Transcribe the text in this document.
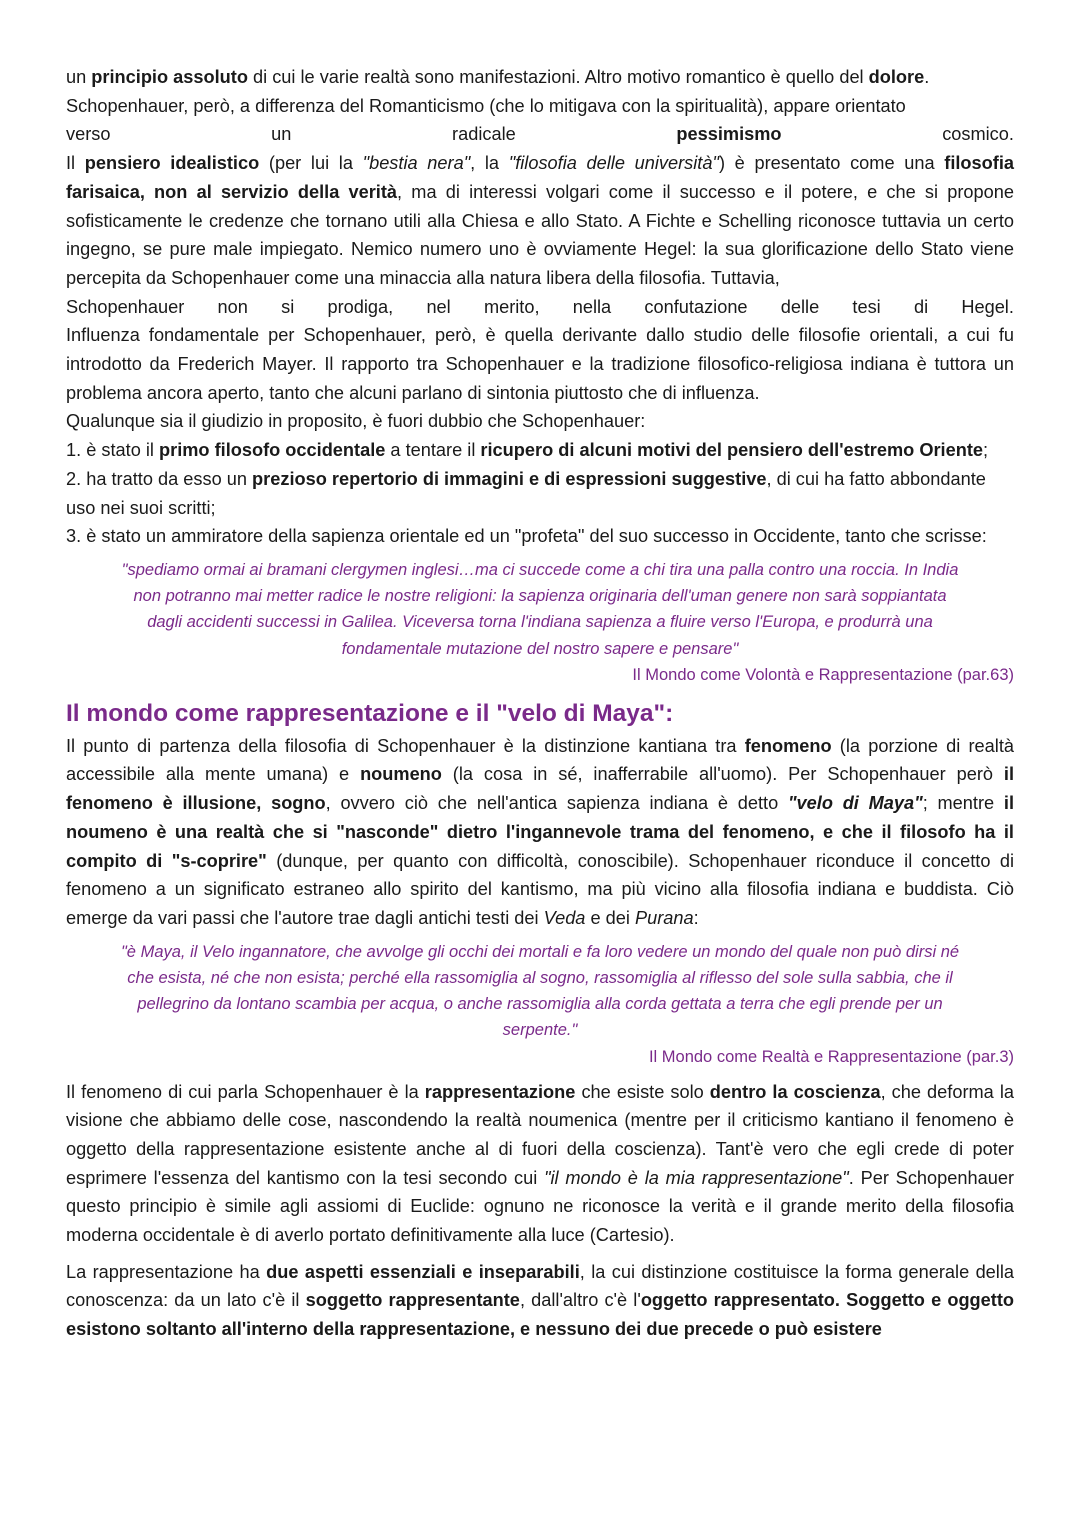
un principio assoluto di cui le varie realtà sono manifestazioni. Altro motivo romantico è quello del dolore.
Schopenhauer, però, a differenza del Romanticismo (che lo mitigava con la spiritualità), appare orientato

verso	un	radicale	pessimismo	cosmico.

Il pensiero idealistico (per lui la "bestia nera", la "filosofia delle università") è presentato come una filosofia farisaica, non al servizio della verità, ma di interessi volgari come il successo e il potere, e che si propone sofisticamente le credenze che tornano utili alla Chiesa e allo Stato. A Fichte e Schelling riconosce tuttavia un certo ingegno, se pure male impiegato. Nemico numero uno è ovviamente Hegel: la sua glorificazione dello Stato viene percepita da Schopenhauer come una minaccia alla natura libera della filosofia. Tuttavia,

Schopenhauer non si prodiga, nel merito, nella confutazione delle tesi di Hegel.

Influenza fondamentale per Schopenhauer, però, è quella derivante dallo studio delle filosofie orientali, a cui fu introdotto da Frederich Mayer. Il rapporto tra Schopenhauer e la tradizione filosofico-religiosa indiana è tuttora un problema ancora aperto, tanto che alcuni parlano di sintonia piuttosto che di influenza.

Qualunque sia il giudizio in proposito, è fuori dubbio che Schopenhauer:

1. è stato il primo filosofo occidentale a tentare il ricupero di alcuni motivi del pensiero dell'estremo Oriente;

2. ha tratto da esso un prezioso repertorio di immagini e di espressioni suggestive, di cui ha fatto abbondante uso nei suoi scritti;

3. è stato un ammiratore della sapienza orientale ed un "profeta" del suo successo in Occidente, tanto che scrisse:

"spediamo ormai ai bramani clergymen inglesi…ma ci succede come a chi tira una palla contro una roccia. In India
non potranno mai metter radice le nostre religioni: la sapienza originaria dell'uman genere non sarà soppiantata
dagli accidenti successi in Galilea. Viceversa torna l'indiana sapienza a fluire verso l'Europa, e produrrà una
fondamentale mutazione del nostro sapere e pensare"

Il Mondo come Volontà e Rappresentazione (par.63)

Il mondo come rappresentazione e il "velo di Maya":

Il punto di partenza della filosofia di Schopenhauer è la distinzione kantiana tra fenomeno (la porzione di realtà accessibile alla mente umana) e noumeno (la cosa in sé, inafferrabile all'uomo). Per Schopenhauer però il fenomeno è illusione, sogno, ovvero ciò che nell'antica sapienza indiana è detto "velo di Maya"; mentre il noumeno è una realtà che si "nasconde" dietro l'ingannevole trama del fenomeno, e che il filosofo ha il compito di "s-coprire" (dunque, per quanto con difficoltà, conoscibile). Schopenhauer riconduce il concetto di fenomeno a un significato estraneo allo spirito del kantismo, ma più vicino alla filosofia indiana e buddista. Ciò emerge da vari passi che l'autore trae dagli antichi testi dei Veda e dei Purana:

"è Maya, il Velo ingannatore, che avvolge gli occhi dei mortali e fa loro vedere un mondo del quale non può dirsi né
che esista, né che non esista; perché ella rassomiglia al sogno, rassomiglia al riflesso del sole sulla sabbia, che il
pellegrino da lontano scambia per acqua, o anche rassomiglia alla corda gettata a terra che egli prende per un
serpente."

Il Mondo come Realtà e Rappresentazione (par.3)

Il fenomeno di cui parla Schopenhauer è la rappresentazione che esiste solo dentro la coscienza, che deforma la visione che abbiamo delle cose, nascondendo la realtà noumenica (mentre per il criticismo kantiano il fenomeno è oggetto della rappresentazione esistente anche al di fuori della coscienza). Tant'è vero che egli crede di poter esprimere l'essenza del kantismo con la tesi secondo cui "il mondo è la mia rappresentazione". Per Schopenhauer questo principio è simile agli assiomi di Euclide: ognuno ne riconosce la verità e il grande merito della filosofia moderna occidentale è di averlo portato definitivamente alla luce (Cartesio).

La rappresentazione ha due aspetti essenziali e inseparabili, la cui distinzione costituisce la forma generale della conoscenza: da un lato c'è il soggetto rappresentante, dall'altro c'è l'oggetto rappresentato. Soggetto e oggetto esistono soltanto all'interno della rappresentazione, e nessuno dei due precede o può esistere
